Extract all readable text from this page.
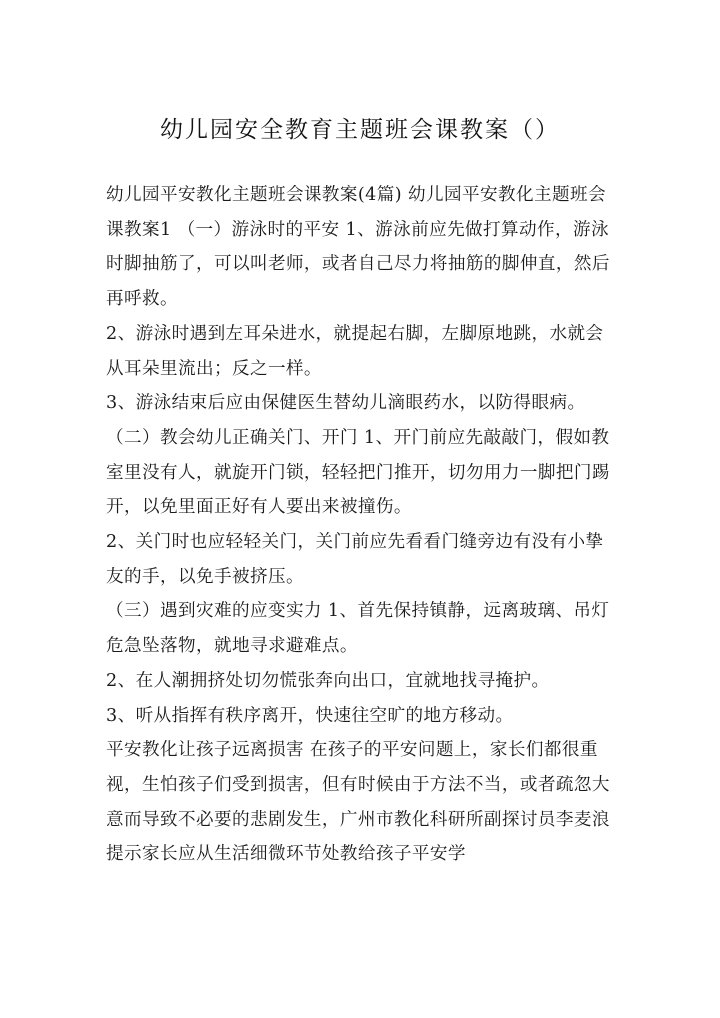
幼儿园安全教育主题班会课教案（）

幼儿园平安教化主题班会课教案(4篇) 幼儿园平安教化主题班会课教案1 （一）游泳时的平安 1、游泳前应先做打算动作，游泳时脚抽筋了，可以叫老师，或者自己尽力将抽筋的脚伸直，然后再呼救。

2、游泳时遇到左耳朵进水，就提起右脚，左脚原地跳，水就会从耳朵里流出；反之一样。

3、游泳结束后应由保健医生替幼儿滴眼药水，以防得眼病。

（二）教会幼儿正确关门、开门 1、开门前应先敲敲门，假如教室里没有人，就旋开门锁，轻轻把门推开，切勿用力一脚把门踢开，以免里面正好有人要出来被撞伤。

2、关门时也应轻轻关门，关门前应先看看门缝旁边有没有小挚友的手，以免手被挤压。

（三）遇到灾难的应变实力 1、首先保持镇静，远离玻璃、吊灯危急坠落物，就地寻求避难点。

2、在人潮拥挤处切勿慌张奔向出口，宜就地找寻掩护。

3、听从指挥有秩序离开，快速往空旷的地方移动。

平安教化让孩子远离损害 在孩子的平安问题上，家长们都很重视，生怕孩子们受到损害，但有时候由于方法不当，或者疏忽大意而导致不必要的悲剧发生，广州市教化科研所副探讨员李麦浪提示家长应从生活细微环节处教给孩子平安学
